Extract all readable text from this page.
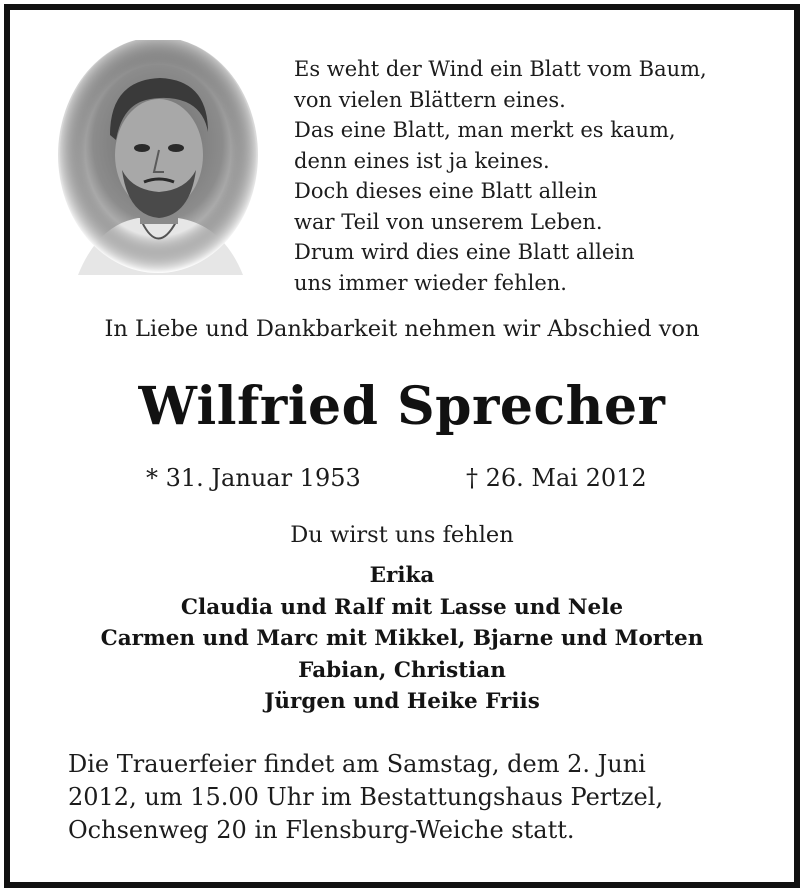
Es weht der Wind ein Blatt vom Baum,
von vielen Blättern eines.
Das eine Blatt, man merkt es kaum,
denn eines ist ja keines.
Doch dieses eine Blatt allein
war Teil von unserem Leben.
Drum wird dies eine Blatt allein
uns immer wieder fehlen.
In Liebe und Dankbarkeit nehmen wir Abschied von
Wilfried Sprecher
* 31. Januar 1953	† 26. Mai 2012
Du wirst uns fehlen
Erika
Claudia und Ralf mit Lasse und Nele
Carmen und Marc mit Mikkel, Bjarne und Morten
Fabian, Christian
Jürgen und Heike Friis
Die Trauerfeier findet am Samstag, dem 2. Juni
2012, um 15.00 Uhr im Bestattungshaus Pertzel,
Ochsenweg 20 in Flensburg-Weiche statt.
